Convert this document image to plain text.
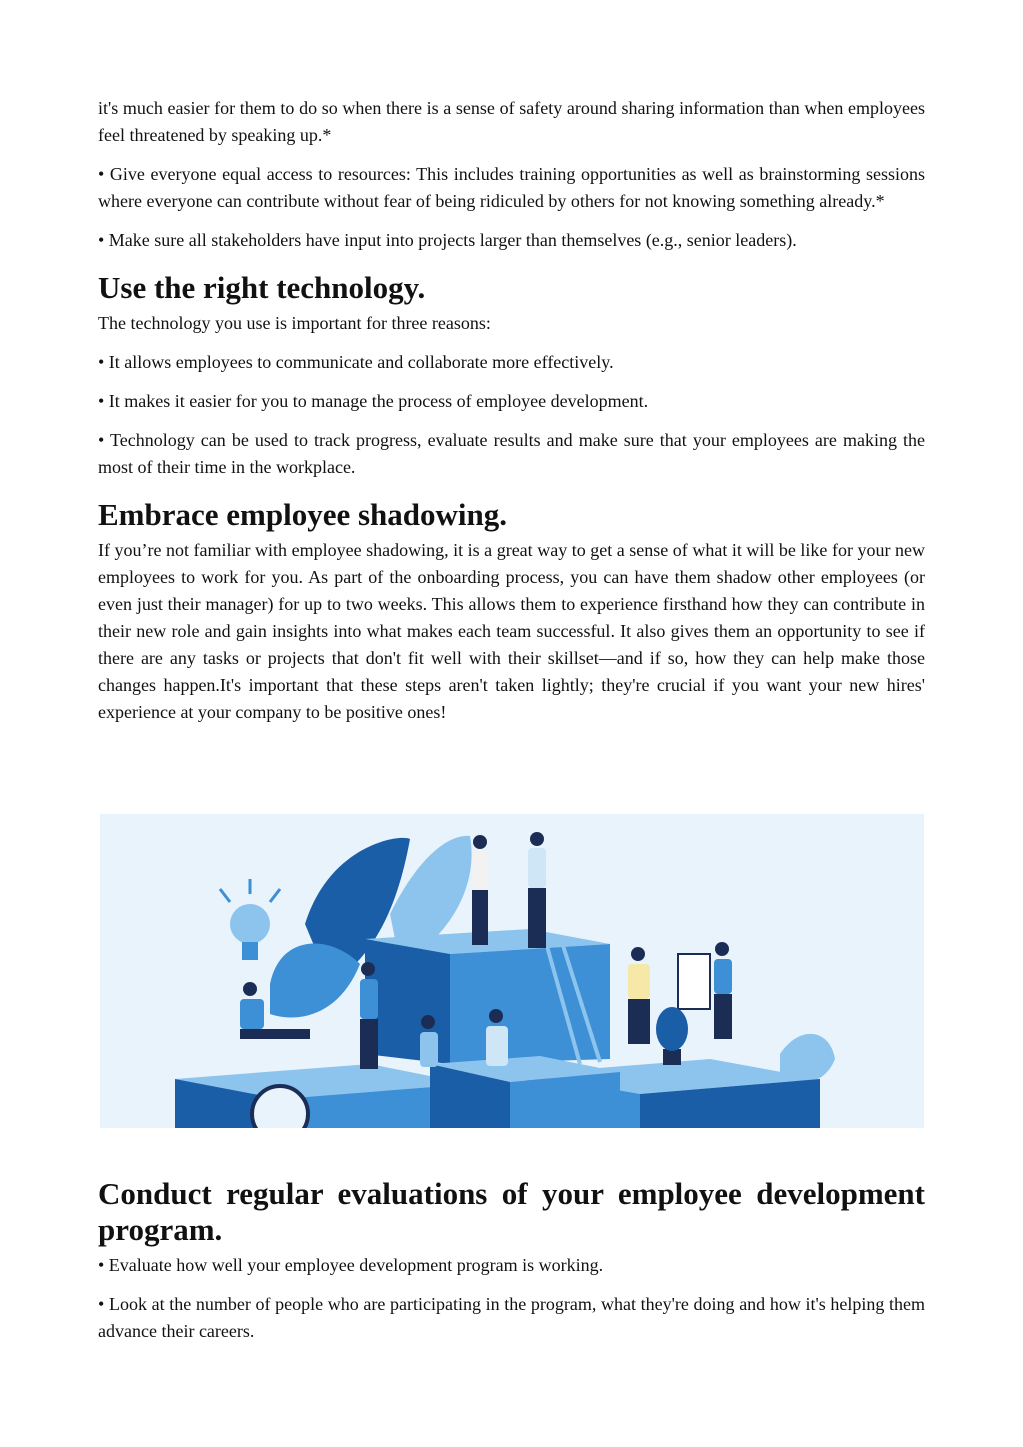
it's much easier for them to do so when there is a sense of safety around sharing information than when employees feel threatened by speaking up.*

• Give everyone equal access to resources: This includes training opportunities as well as brainstorming sessions where everyone can contribute without fear of being ridiculed by others for not knowing something already.*

• Make sure all stakeholders have input into projects larger than themselves (e.g., senior leaders).

Use the right technology.

The technology you use is important for three reasons:

• It allows employees to communicate and collaborate more effectively.

• It makes it easier for you to manage the process of employee development.

• Technology can be used to track progress, evaluate results and make sure that your employees are making the most of their time in the workplace.

Embrace employee shadowing.

If you’re not familiar with employee shadowing, it is a great way to get a sense of what it will be like for your new employees to work for you. As part of the onboarding process, you can have them shadow other employees (or even just their manager) for up to two weeks. This allows them to experience firsthand how they can contribute in their new role and gain insights into what makes each team successful. It also gives them an opportunity to see if there are any tasks or projects that don't fit well with their skillset—and if so, how they can help make those changes happen.It's important that these steps aren't taken lightly; they're crucial if you want your new hires' experience at your company to be positive ones!

Conduct regular evaluations of your employee development program.

• Evaluate how well your employee development program is working.

• Look at the number of people who are participating in the program, what they're doing and how it's helping them advance their careers.
